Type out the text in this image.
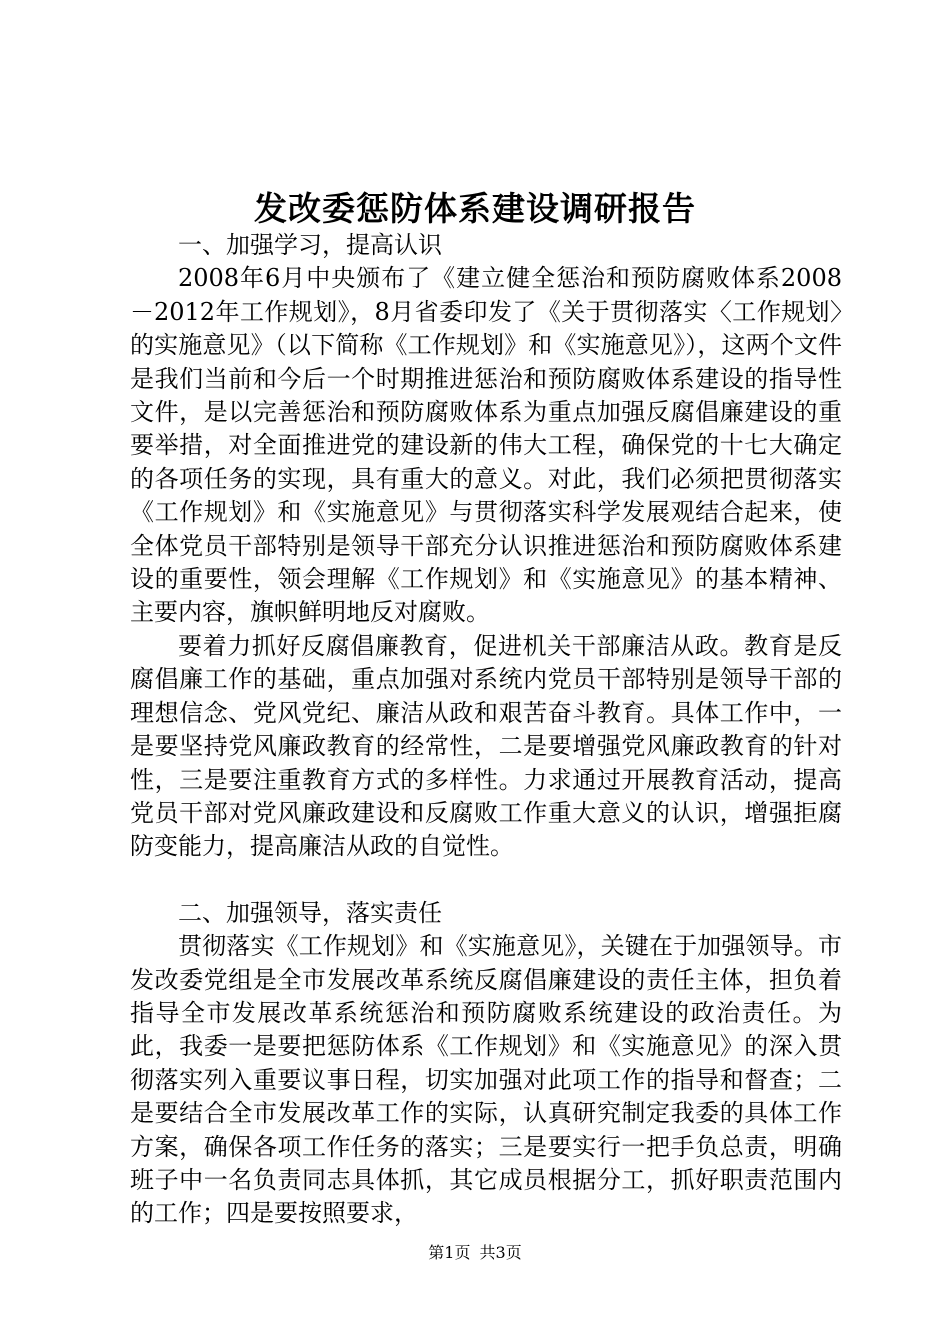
发改委惩防体系建设调研报告

一、加强学习，提高认识

2008年6月中央颁布了《建立健全惩治和预防腐败体系2008－2012年工作规划》，8月省委印发了《关于贯彻落实〈工作规划〉的实施意见》（以下简称《工作规划》和《实施意见》），这两个文件是我们当前和今后一个时期推进惩治和预防腐败体系建设的指导性文件，是以完善惩治和预防腐败体系为重点加强反腐倡廉建设的重要举措，对全面推进党的建设新的伟大工程，确保党的十七大确定的各项任务的实现，具有重大的意义。对此，我们必须把贯彻落实《工作规划》和《实施意见》与贯彻落实科学发展观结合起来，使全体党员干部特别是领导干部充分认识推进惩治和预防腐败体系建设的重要性，领会理解《工作规划》和《实施意见》的基本精神、主要内容，旗帜鲜明地反对腐败。

要着力抓好反腐倡廉教育，促进机关干部廉洁从政。教育是反腐倡廉工作的基础，重点加强对系统内党员干部特别是领导干部的理想信念、党风党纪、廉洁从政和艰苦奋斗教育。具体工作中，一是要坚持党风廉政教育的经常性，二是要增强党风廉政教育的针对性，三是要注重教育方式的多样性。力求通过开展教育活动，提高党员干部对党风廉政建设和反腐败工作重大意义的认识，增强拒腐防变能力，提高廉洁从政的自觉性。

二、加强领导，落实责任

贯彻落实《工作规划》和《实施意见》，关键在于加强领导。市发改委党组是全市发展改革系统反腐倡廉建设的责任主体，担负着指导全市发展改革系统惩治和预防腐败系统建设的政治责任。为此，我委一是要把惩防体系《工作规划》和《实施意见》的深入贯彻落实列入重要议事日程，切实加强对此项工作的指导和督查；二是要结合全市发展改革工作的实际，认真研究制定我委的具体工作方案，确保各项工作任务的落实；三是要实行一把手负总责，明确班子中一名负责同志具体抓，其它成员根据分工，抓好职责范围内的工作；四是要按照要求，

第1页 共3页
